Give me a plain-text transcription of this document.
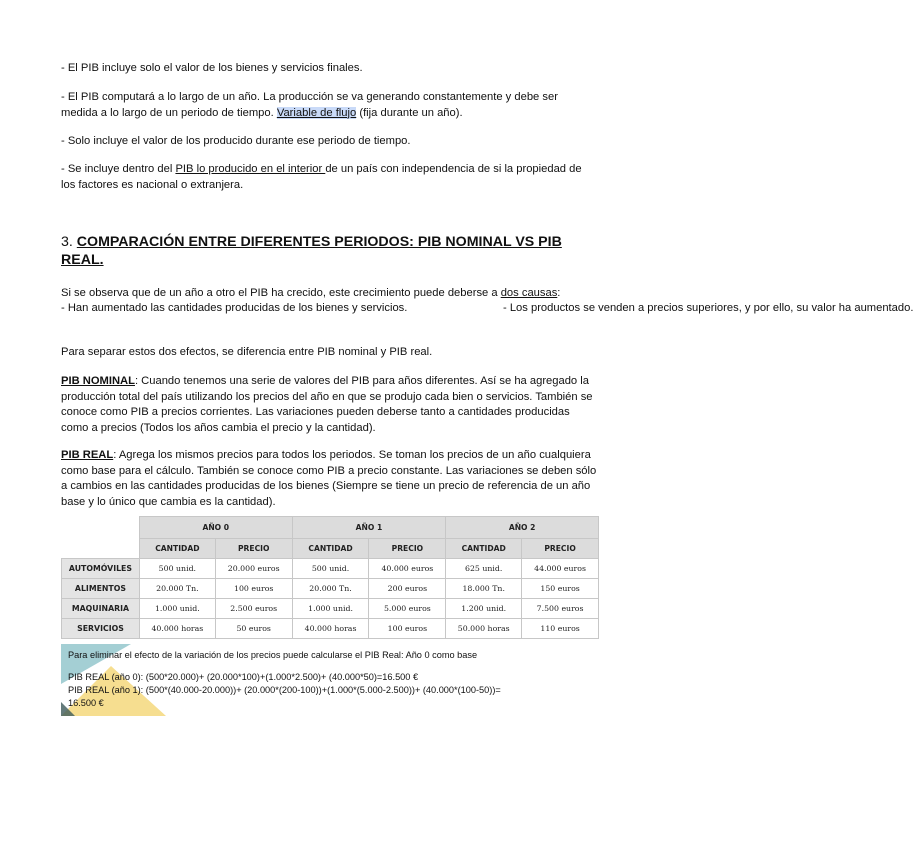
- El PIB incluye solo el valor de los bienes y servicios finales.

- El PIB computará a lo largo de un año. La producción se va generando constantemente y debe ser medida a lo largo de un periodo de tiempo. Variable de flujo (fija durante un año).

- Solo incluye el valor de los producido durante ese periodo de tiempo.

- Se incluye dentro del PIB lo producido en el interior de un país con independencia de si la propiedad de los factores es nacional o extranjera.

3. COMPARACIÓN ENTRE DIFERENTES PERIODOS: PIB NOMINAL VS PIB REAL.

Si se observa que de un año a otro el PIB ha crecido, este crecimiento puede deberse a dos causas:

- Han aumentado las cantidades producidas de los bienes y servicios.	- Los productos se venden a precios superiores, y por ello, su valor ha aumentado.

Para separar estos dos efectos, se diferencia entre PIB nominal y PIB real.

PIB NOMINAL: Cuando tenemos una serie de valores del PIB para años diferentes. Así se ha agregado la producción total del país utilizando los precios del año en que se produjo cada bien o servicios. También se conoce como PIB a precios corrientes. Las variaciones pueden deberse tanto a cantidades producidas como a precios (Todos los años cambia el precio y la cantidad).

PIB REAL: Agrega los mismos precios para todos los periodos. Se toman los precios de un año cualquiera como base para el cálculo. También se conoce como PIB a precio constante. Las variaciones se deben sólo a cambios en las cantidades producidas de los bienes (Siempre se tiene un precio de referencia de un año base y lo único que cambia es la cantidad).

	AÑO 0		AÑO 1		AÑO 2	
	CANTIDAD	PRECIO	CANTIDAD	PRECIO	CANTIDAD	PRECIO
AUTOMÓVILES	500 unid.	20.000 euros	500 unid.	40.000 euros	625 unid.	44.000 euros
ALIMENTOS	20.000 Tn.	100 euros	20.000 Tn.	200 euros	18.000 Tn.	150 euros
MAQUINARIA	1.000 unid.	2.500 euros	1.000 unid.	5.000 euros	1.200 unid.	7.500 euros
SERVICIOS	40.000 horas	50 euros	40.000 horas	100 euros	50.000 horas	110 euros

Para eliminar el efecto de la variación de los precios puede calcularse el PIB Real: Año 0 como base

PIB REAL (año 0): (500*20.000)+ (20.000*100)+(1.000*2.500)+ (40.000*50)=16.500 €

PIB REAL (año 1): (500*(40.000-20.000))+ (20.000*(200-100))+(1.000*(5.000-2.500))+ (40.000*(100-50))=

16.500 €
